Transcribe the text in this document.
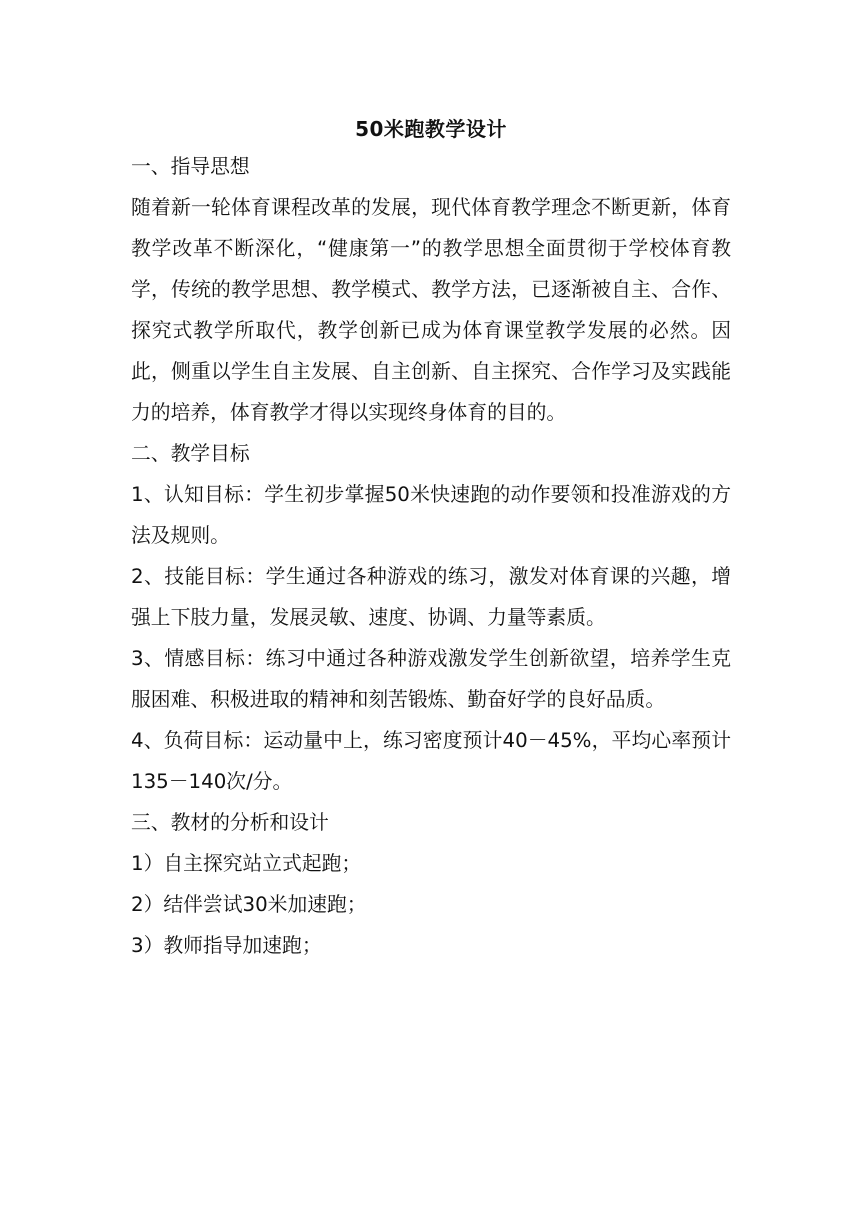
50米跑教学设计

一、指导思想

随着新一轮体育课程改革的发展，现代体育教学理念不断更新，体育教学改革不断深化，“健康第一”的教学思想全面贯彻于学校体育教学，传统的教学思想、教学模式、教学方法，已逐渐被自主、合作、探究式教学所取代，教学创新已成为体育课堂教学发展的必然。因此，侧重以学生自主发展、自主创新、自主探究、合作学习及实践能力的培养，体育教学才得以实现终身体育的目的。

二、教学目标

1、认知目标：学生初步掌握50米快速跑的动作要领和投准游戏的方法及规则。

2、技能目标：学生通过各种游戏的练习，激发对体育课的兴趣，增强上下肢力量，发展灵敏、速度、协调、力量等素质。

3、情感目标：练习中通过各种游戏激发学生创新欲望，培养学生克服困难、积极进取的精神和刻苦锻炼、勤奋好学的良好品质。

4、负荷目标：运动量中上，练习密度预计40－45%，平均心率预计135－140次/分。

三、教材的分析和设计

1）自主探究站立式起跑；

2）结伴尝试30米加速跑；

3）教师指导加速跑；
